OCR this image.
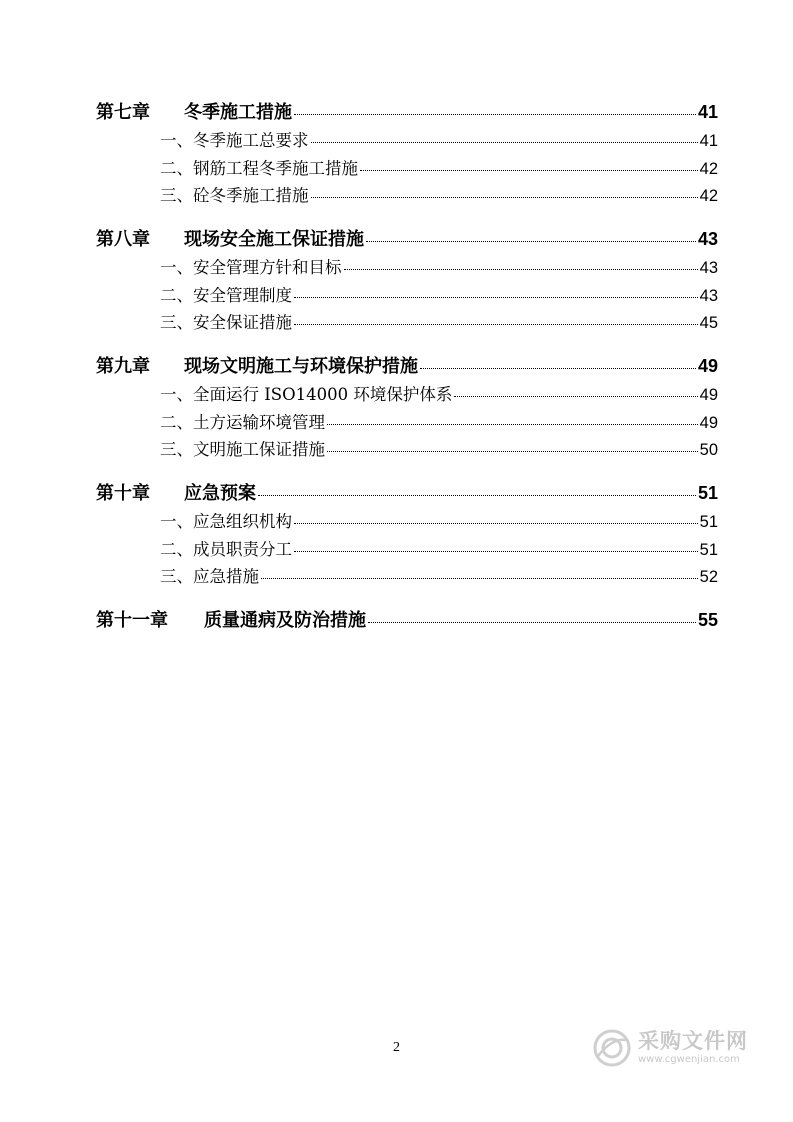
第七章 冬季施工措施	41
一、冬季施工总要求	41
二、钢筋工程冬季施工措施	42
三、砼冬季施工措施	42
第八章 现场安全施工保证措施	43
一、安全管理方针和目标	43
二、安全管理制度	43
三、安全保证措施	45
第九章 现场文明施工与环境保护措施	49
一、全面运行 ISO14000 环境保护体系	49
二、土方运输环境管理	49
三、文明施工保证措施	50
第十章 应急预案	51
一、应急组织机构	51
二、成员职责分工	51
三、应急措施	52
第十一章 质量通病及防治措施	55
2	采购文件网
www.cgwenjian.com
